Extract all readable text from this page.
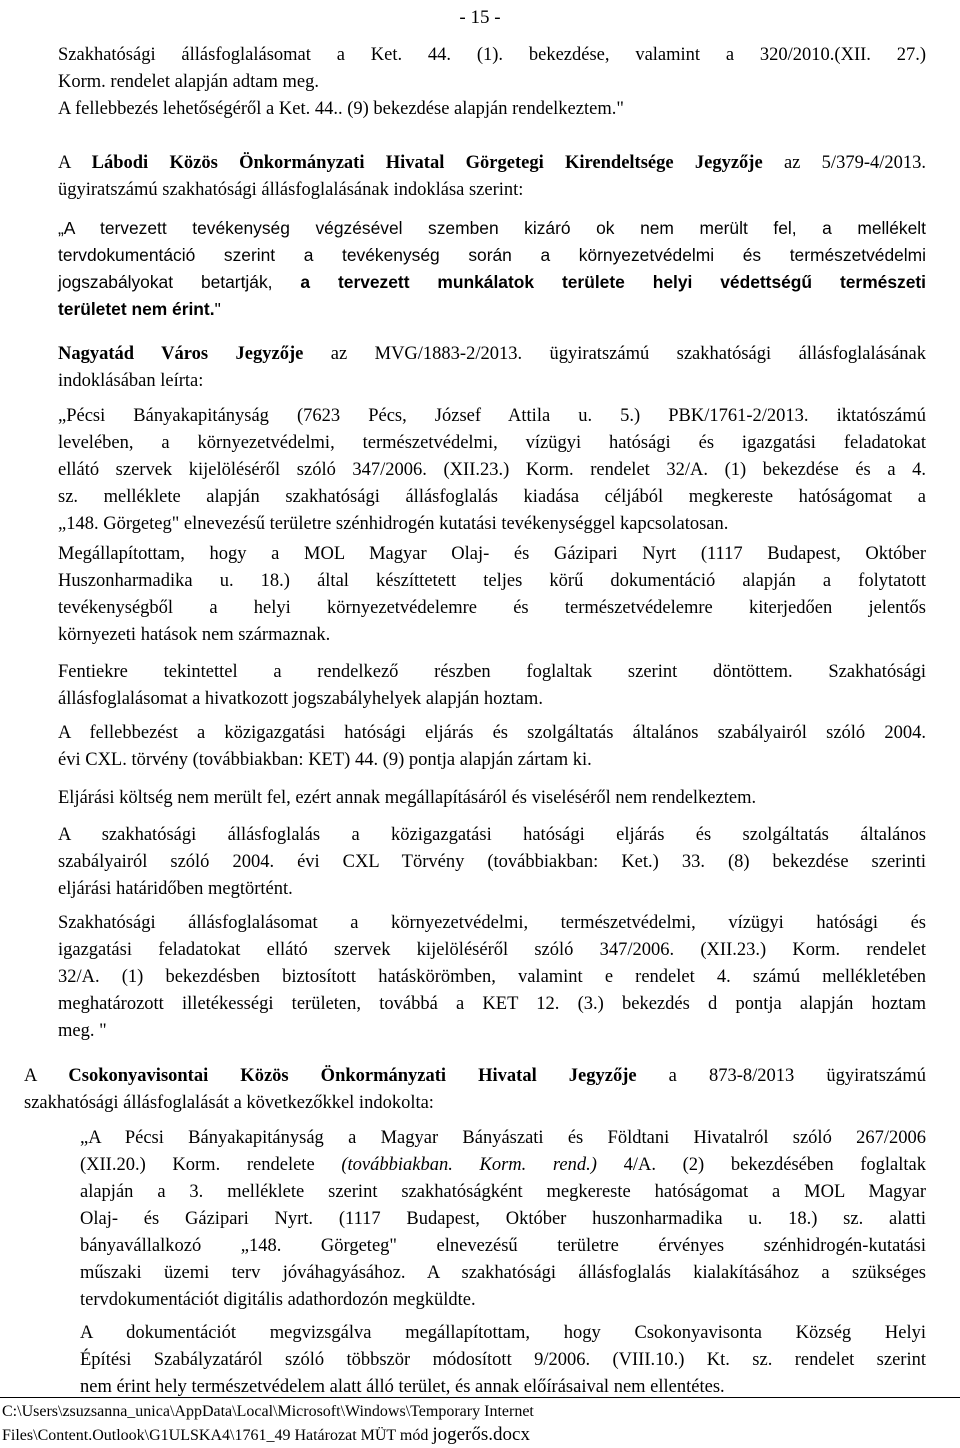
- 15 -
Szakhatósági állásfoglalásomat a Ket. 44. (1). bekezdése, valamint a 320/2010.(XII. 27.)
Korm. rendelet alapján adtam meg.
A fellebbezés lehetőségéről a Ket. 44.. (9) bekezdése alapján rendelkeztem."
A Lábodi Közös Önkormányzati Hivatal Görgetegi Kirendeltsége Jegyzője az 5/379-4/2013.
ügyiratszámú szakhatósági állásfoglalásának indoklása szerint:
„A tervezett tevékenység végzésével szemben kizáró ok nem merült fel, a mellékelt
tervdokumentáció szerint a tevékenység során a környezetvédelmi és természetvédelmi
jogszabályokat betartják, a tervezett munkálatok területe helyi védettségű természeti
területet nem érint."
Nagyatád Város Jegyzője az MVG/1883-2/2013. ügyiratszámú szakhatósági állásfoglalásának
indoklásában leírta:
„Pécsi Bányakapitányság (7623 Pécs, József Attila u. 5.) PBK/1761-2/2013. iktatószámú
levelében, a környezetvédelmi, természetvédelmi, vízügyi hatósági és igazgatási feladatokat
ellátó szervek kijelöléséről szóló 347/2006. (XII.23.) Korm. rendelet 32/A. (1) bekezdése és a 4.
sz. melléklete alapján szakhatósági állásfoglalás kiadása céljából megkereste hatóságomat a
„148. Görgeteg" elnevezésű területre szénhidrogén kutatási tevékenységgel kapcsolatosan.
Megállapítottam, hogy a MOL Magyar Olaj- és Gázipari Nyrt (1117 Budapest, Október
Huszonharmadika u. 18.) által készíttetett teljes körű dokumentáció alapján a folytatott
tevékenységből a helyi környezetvédelemre és természetvédelemre kiterjedően jelentős
környezeti hatások nem származnak.
Fentiekre tekintettel a rendelkező részben foglaltak szerint döntöttem. Szakhatósági
állásfoglalásomat a hivatkozott jogszabályhelyek alapján hoztam.
A fellebbezést a közigazgatási hatósági eljárás és szolgáltatás általános szabályairól szóló 2004.
évi CXL. törvény (továbbiakban: KET) 44. (9) pontja alapján zártam ki.
Eljárási költség nem merült fel, ezért annak megállapításáról és viseléséről nem rendelkeztem.
A szakhatósági állásfoglalás a közigazgatási hatósági eljárás és szolgáltatás általános
szabályairól szóló 2004. évi CXL Törvény (továbbiakban: Ket.) 33. (8) bekezdése szerinti
eljárási határidőben megtörtént.
Szakhatósági állásfoglalásomat a környezetvédelmi, természetvédelmi, vízügyi hatósági és
igazgatási feladatokat ellátó szervek kijelöléséről szóló 347/2006. (XII.23.) Korm. rendelet
32/A. (1) bekezdésben biztosított hatáskörömben, valamint e rendelet 4. számú mellékletében
meghatározott illetékességi területen, továbbá a KET 12. (3.) bekezdés d pontja alapján hoztam
meg. "
A Csokonyavisontai Közös Önkormányzati Hivatal Jegyzője a 873-8/2013 ügyiratszámú
szakhatósági állásfoglalását a következőkkel indokolta:
„A Pécsi Bányakapitányság a Magyar Bányászati és Földtani Hivatalról szóló 267/2006
(XII.20.) Korm. rendelete (továbbiakban. Korm. rend.) 4/A. (2) bekezdésében foglaltak
alapján a 3. melléklete szerint szakhatóságként megkereste hatóságomat a MOL Magyar
Olaj- és Gázipari Nyrt. (1117 Budapest, Október huszonharmadika u. 18.) sz. alatti
bányavállalkozó „148. Görgeteg" elnevezésű területre érvényes szénhidrogén-kutatási
műszaki üzemi terv jóváhagyásához. A szakhatósági állásfoglalás kialakításához a szükséges
tervdokumentációt digitális adathordozón megküldte.
A dokumentációt megvizsgálva megállapítottam, hogy Csokonyavisonta Község Helyi
Építési Szabályzatáról szóló többször módosított 9/2006. (VIII.10.) Kt. sz. rendelet szerint
nem érint hely természetvédelem alatt álló terület, és annak előírásaival nem ellentétes.
C:\Users\zsuzsanna_unica\AppData\Local\Microsoft\Windows\Temporary Internet
Files\Content.Outlook\G1ULSKA4\1761_49 Határozat MÜT mód jogerős.docx
